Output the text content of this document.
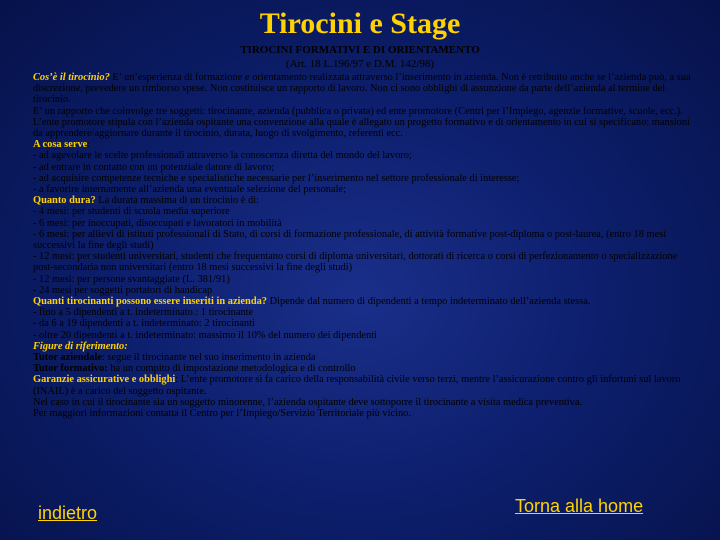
Tirocini e Stage
TIROCINI FORMATIVI E DI ORIENTAMENTO
(Art. 18 L.196/97 e D.M. 142/98)

Cos’è il tirocinio? E’ un’esperienza di formazione e orientamento realizzata attraverso l’inserimento in azienda. Non è retribuito anche se l’azienda può, a sua discrezione, prevedere un rimborso spese. Non costituisce un rapporto di lavoro. Non ci sono obblighi di assunzione da parte dell’azienda al termine del tirocinio.

E’ un rapporto che coinvolge tre soggetti: tirocinante, azienda (pubblica o privata) ed ente promotore (Centri per l’Impiego, agenzie formative, scuole, ecc.). L’ente promotore stipula con l’azienda ospitante una convenzione alla quale è allegato un progetto formativo e di orientamento in cui si specificano: mansioni da apprendere/aggiornare durante il tirocinio, durata, luogo di svolgimento, referenti ecc.

A cosa serve:

- ad agevolare le scelte professionali attraverso la conoscenza diretta del mondo del lavoro;

- ad entrare in contatto con un potenziale datore di lavoro;

- ad acquisire competenze tecniche e specialistiche necessarie per l’inserimento nel settore professionale di interesse;

- a favorire internamente all’azienda una eventuale selezione del personale;

Quanto dura? La durata massima di un tirocinio è di:

- 4 mesi: per studenti di scuola media superiore

- 6 mesi: per inoccupati, disoccupati e lavoratori in mobilità

- 6 mesi: per allievi di istituti professionali di Stato, di corsi di formazione professionale, di attività formative post-diploma o post-laurea, (entro 18 mesi successivi la fine degli studi)

- 12 mesi: per studenti universitari, studenti che frequentano corsi di diploma universitari, dottorati di ricerca o corsi di perfezionamento o specializzazione post-secondaria non universitari (entro 18 mesi successivi la fine degli studi)

- 12 mesi: per persone svantaggiate (L. 381/91)

- 24 mesi per soggetti portatori di handicap

Quanti tirocinanti possono essere inseriti in azienda? Dipende dal numero di dipendenti a tempo indeterminato dell’azienda stessa.

- fino a 5 dipendenti a t. indeterminato.: 1 tirocinante

- da 6 a 19 dipendenti a t. indeterminato: 2 tirocinanti

- oltre 20 dipendenti a t. indeterminato: massimo il 10% del numero dei dipendenti

Figure di riferimento:

Tutor aziendale: segue il tirocinante nel suo inserimento in azienda

Tutor formativo: ha un compito di impostazione metodologica e di controllo

Garanzie assicurative e obblighi: L’ente promotore si fa carico della responsabilità civile verso terzi, mentre l’assicurazione contro gli infortuni sul lavoro (INAIL) è a carico del soggetto ospitante.

Nel caso in cui il tirocinante sia un soggetto minorenne, l’azienda ospitante deve sottoporre il tirocinante a visita medica preventiva.

Per maggiori informazioni contatta il Centro per l’Impiego/Servizio Territoriale più vicino.

indietro	Torna alla home
